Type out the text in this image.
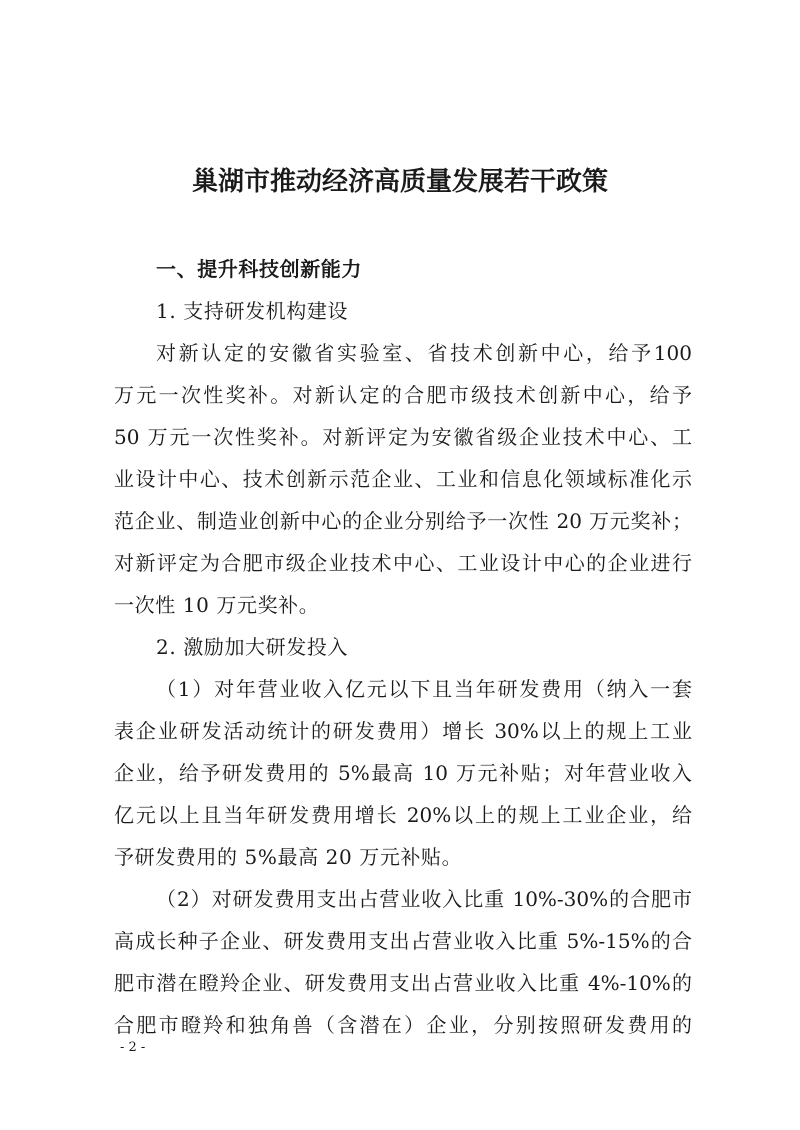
巢湖市推动经济高质量发展若干政策
一、提升科技创新能力
1. 支持研发机构建设
对新认定的安徽省实验室、省技术创新中心，给予100
万元一次性奖补。对新认定的合肥市级技术创新中心，给予
50 万元一次性奖补。对新评定为安徽省级企业技术中心、工
业设计中心、技术创新示范企业、工业和信息化领域标准化示
范企业、制造业创新中心的企业分别给予一次性 20 万元奖补；
对新评定为合肥市级企业技术中心、工业设计中心的企业进行
一次性 10 万元奖补。
2. 激励加大研发投入
（1）对年营业收入亿元以下且当年研发费用（纳入一套
表企业研发活动统计的研发费用）增长 30%以上的规上工业
企业，给予研发费用的 5%最高 10 万元补贴；对年营业收入
亿元以上且当年研发费用增长 20%以上的规上工业企业，给
予研发费用的 5%最高 20 万元补贴。
（2）对研发费用支出占营业收入比重 10%-30%的合肥市
高成长种子企业、研发费用支出占营业收入比重 5%-15%的合
肥市潜在瞪羚企业、研发费用支出占营业收入比重 4%-10%的
合肥市瞪羚和独角兽（含潜在）企业，分别按照研发费用的
- 2 -
